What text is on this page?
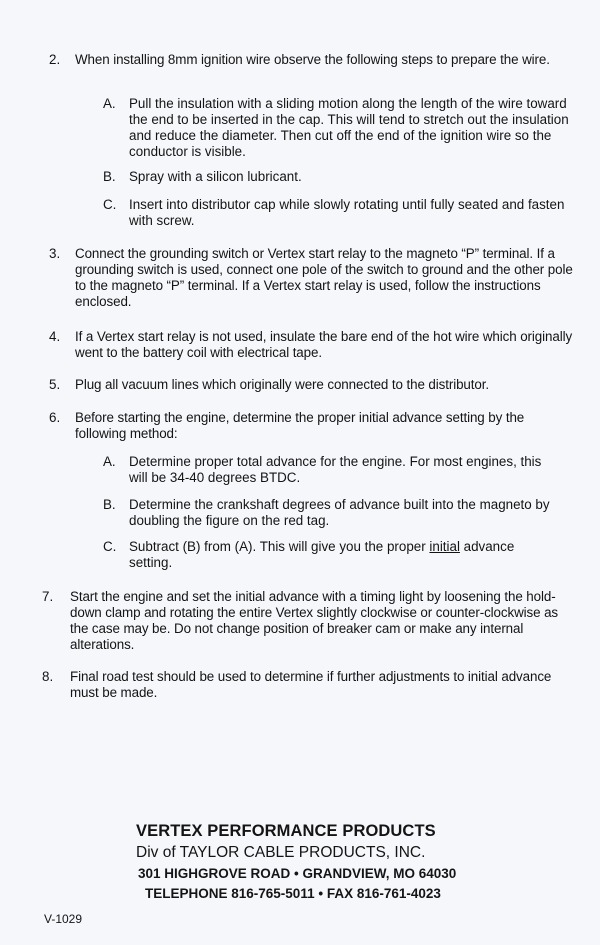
2. When installing 8mm ignition wire observe the following steps to prepare the wire.
A. Pull the insulation with a sliding motion along the length of the wire toward the end to be inserted in the cap. This will tend to stretch out the insulation and reduce the diameter. Then cut off the end of the ignition wire so the conductor is visible.
B. Spray with a silicon lubricant.
C. Insert into distributor cap while slowly rotating until fully seated and fasten with screw.
3. Connect the grounding switch or Vertex start relay to the magneto “P” terminal. If a grounding switch is used, connect one pole of the switch to ground and the other pole to the magneto “P” terminal. If a Vertex start relay is used, follow the instructions enclosed.
4. If a Vertex start relay is not used, insulate the bare end of the hot wire which originally went to the battery coil with electrical tape.
5. Plug all vacuum lines which originally were connected to the distributor.
6. Before starting the engine, determine the proper initial advance setting by the following method:
A. Determine proper total advance for the engine. For most engines, this will be 34-40 degrees BTDC.
B. Determine the crankshaft degrees of advance built into the magneto by doubling the figure on the red tag.
C. Subtract (B) from (A). This will give you the proper initial advance setting.
7. Start the engine and set the initial advance with a timing light by loosening the hold-down clamp and rotating the entire Vertex slightly clockwise or counter-clockwise as the case may be. Do not change position of breaker cam or make any internal alterations.
8. Final road test should be used to determine if further adjustments to initial advance must be made.
VERTEX PERFORMANCE PRODUCTS
Div of TAYLOR CABLE PRODUCTS, INC.
301 HIGHGROVE ROAD • GRANDVIEW, MO 64030
TELEPHONE 816-765-5011 • FAX 816-761-4023
V-1029
